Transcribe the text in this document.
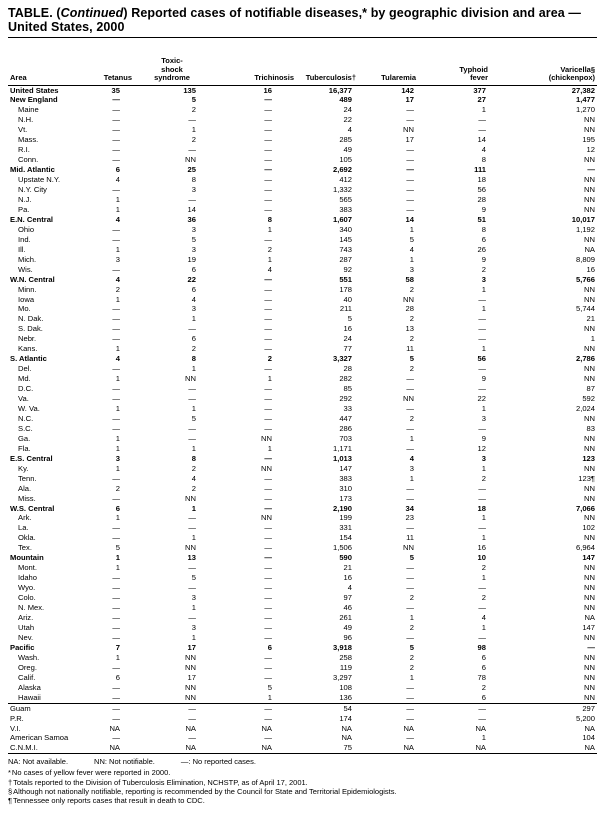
TABLE. (Continued) Reported cases of notifiable diseases,* by geographic division and area — United States, 2000
Area	Tetanus	Toxic-
shock
syndrome	Trichinosis	Tuberculosis†	Tularemia	Typhoid
fever	Varicella§
(chickenpox)
United States	35	135	16	16,377	142	377	27,382
New England	—	5	—	489	17	27	1,477
Maine	—	2	—	24	—	1	1,270
N.H.	—	—	—	22	—	—	NN
Vt.	—	1	—	4	NN	—	NN
Mass.	—	2	—	285	17	14	195
R.I.	—	—	—	49	—	4	12
Conn.	—	NN	—	105	—	8	NN
Mid. Atlantic	6	25	—	2,692	—	111	—
Upstate N.Y.	4	8	—	412	—	18	NN
N.Y. City	—	3	—	1,332	—	56	NN
N.J.	1	—	—	565	—	28	NN
Pa.	1	14	—	383	—	9	NN
E.N. Central	4	36	8	1,607	14	51	10,017
Ohio	—	3	1	340	1	8	1,192
Ind.	—	5	—	145	5	6	NN
Ill.	1	3	2	743	4	26	NA
Mich.	3	19	1	287	1	9	8,809
Wis.	—	6	4	92	3	2	16
W.N. Central	4	22	—	551	58	3	5,766
Minn.	2	6	—	178	2	1	NN
Iowa	1	4	—	40	NN	—	NN
Mo.	—	3	—	211	28	1	5,744
N. Dak.	—	1	—	5	2	—	21
S. Dak.	—	—	—	16	13	—	NN
Nebr.	—	6	—	24	2	—	1
Kans.	1	2	—	77	11	1	NN
S. Atlantic	4	8	2	3,327	5	56	2,786
Del.	—	1	—	28	2	—	NN
Md.	1	NN	1	282	—	9	NN
D.C.	—	—	—	85	—	—	87
Va.	—	—	—	292	NN	22	592
W. Va.	1	1	—	33	—	1	2,024
N.C.	—	5	—	447	2	3	NN
S.C.	—	—	—	286	—	—	83
Ga.	1	—	NN	703	1	9	NN
Fla.	1	1	1	1,171	—	12	NN
E.S. Central	3	8	—	1,013	4	3	123
Ky.	1	2	NN	147	3	1	NN
Tenn.	—	4	—	383	1	2	123¶
Ala.	2	2	—	310	—	—	NN
Miss.	—	NN	—	173	—	—	NN
W.S. Central	6	1	—	2,190	34	18	7,066
Ark.	1	—	NN	199	23	1	NN
La.	—	—	—	331	—	—	102
Okla.	—	1	—	154	11	1	NN
Tex.	5	NN	—	1,506	NN	16	6,964
Mountain	1	13	—	590	5	10	147
Mont.	1	—	—	21	—	2	NN
Idaho	—	5	—	16	—	1	NN
Wyo.	—	—	—	4	—	—	NN
Colo.	—	3	—	97	2	2	NN
N. Mex.	—	1	—	46	—	—	NN
Ariz.	—	—	—	261	1	4	NA
Utah	—	3	—	49	2	1	147
Nev.	—	1	—	96	—	—	NN
Pacific	7	17	6	3,918	5	98	—
Wash.	1	NN	—	258	2	6	NN
Oreg.	—	NN	—	119	2	6	NN
Calif.	6	17	—	3,297	1	78	NN
Alaska	—	NN	5	108	—	2	NN
Hawaii	—	NN	1	136	—	6	NN
Guam	—	—	—	54	—	—	297
P.R.	—	—	—	174	—	—	5,200
V.I.	NA	NA	NA	NA	NA	NA	NA
American Samoa	—	—	—	NA	—	1	104
C.N.M.I.	NA	NA	NA	75	NA	NA	NA
NA: Not available.	NN: Not notifiable.	—: No reported cases.
*No cases of yellow fever were reported in 2000.
†Totals reported to the Division of Tuberculosis Elimination, NCHSTP, as of April 17, 2001.
§Although not nationally notifiable, reporting is recommended by the Council for State and Territorial Epidemiologists.
¶Tennessee only reports cases that result in death to CDC.
